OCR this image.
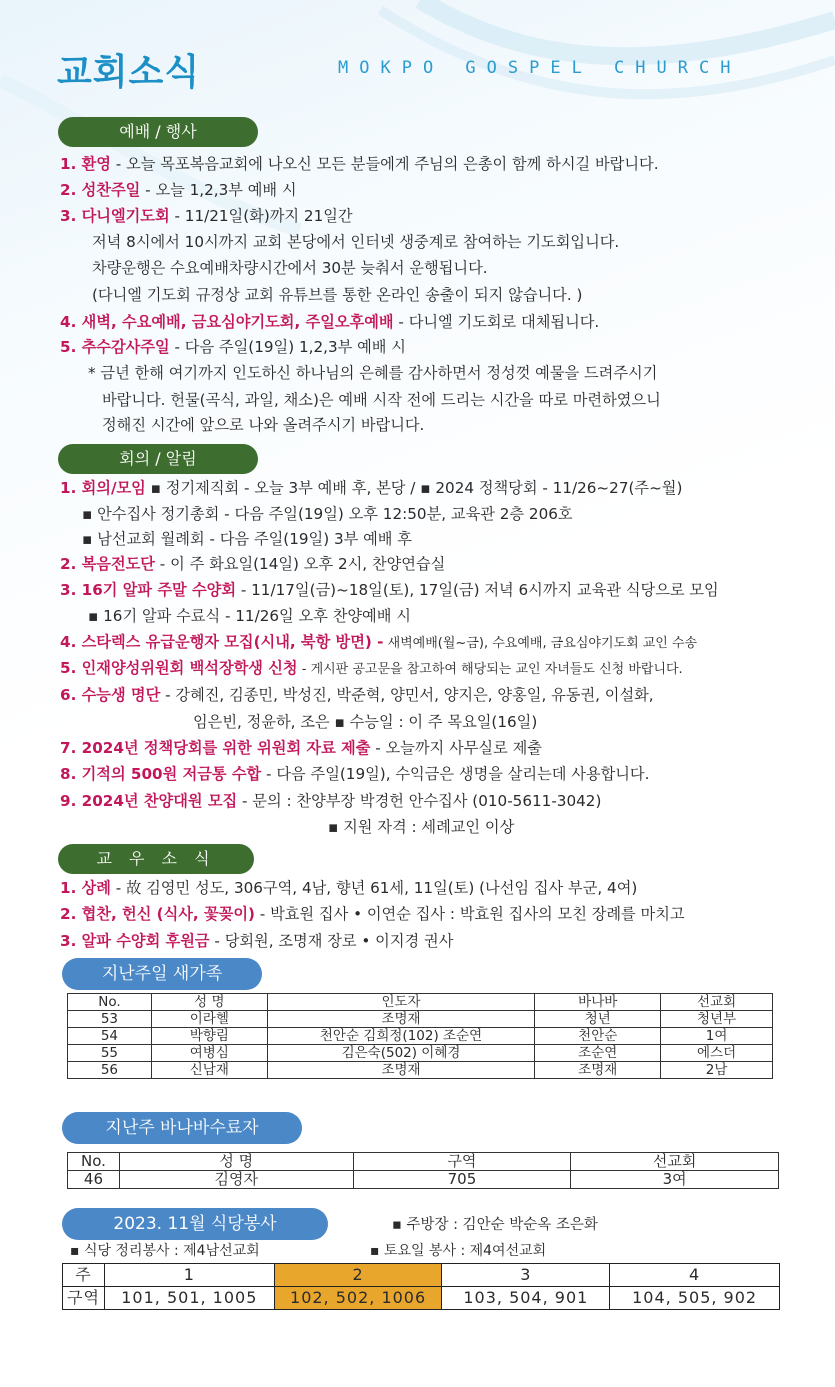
교회소식	MOKPO GOSPEL CHURCH
예배 / 행사
1. 환영 - 오늘 목포복음교회에 나오신 모든 분들에게 주님의 은총이 함께 하시길 바랍니다.
2. 성찬주일 - 오늘 1,2,3부 예배 시
3. 다니엘기도회 - 11/21일(화)까지 21일간
저녁 8시에서 10시까지 교회 본당에서 인터넷 생중계로 참여하는 기도회입니다.
차량운행은 수요예배차량시간에서 30분 늦춰서 운행됩니다.
(다니엘 기도회 규정상 교회 유튜브를 통한 온라인 송출이 되지 않습니다. )
4. 새벽, 수요예배, 금요심야기도회, 주일오후예배 - 다니엘 기도회로 대체됩니다.
5. 추수감사주일 - 다음 주일(19일) 1,2,3부 예배 시
* 금년 한해 여기까지 인도하신 하나님의 은혜를 감사하면서 정성껏 예물을 드려주시기
바랍니다. 헌물(곡식, 과일, 채소)은 예배 시작 전에 드리는 시간을 따로 마련하였으니
정해진 시간에 앞으로 나와 올려주시기 바랍니다.
회의 / 알림
1. 회의/모임 ▪ 정기제직회 - 오늘 3부 예배 후, 본당 / ▪ 2024 정책당회 - 11/26~27(주~월)
▪ 안수집사 정기총회 - 다음 주일(19일) 오후 12:50분, 교육관 2층 206호
▪ 남선교회 월례회 - 다음 주일(19일) 3부 예배 후
2. 복음전도단 - 이 주 화요일(14일) 오후 2시, 찬양연습실
3. 16기 알파 주말 수양회 - 11/17일(금)~18일(토), 17일(금) 저녁 6시까지 교육관 식당으로 모임
▪ 16기 알파 수료식 - 11/26일 오후 찬양예배 시
4. 스타렉스 유급운행자 모집(시내, 북항 방면) - 새벽예배(월~금), 수요예배, 금요심야기도회 교인 수송
5. 인재양성위원회 백석장학생 신청 - 게시판 공고문을 참고하여 해당되는 교인 자녀들도 신청 바랍니다.
6. 수능생 명단 - 강혜진, 김종민, 박성진, 박준혁, 양민서, 양지은, 양홍일, 유동권, 이설화,
임은빈, 정윤하, 조은 ▪ 수능일 : 이 주 목요일(16일)
7. 2024년 정책당회를 위한 위원회 자료 제출 - 오늘까지 사무실로 제출
8. 기적의 500원 저금통 수합 - 다음 주일(19일), 수익금은 생명을 살리는데 사용합니다.
9. 2024년 찬양대원 모집 - 문의 : 찬양부장 박경헌 안수집사 (010-5611-3042)
▪ 지원 자격 : 세례교인 이상
교 우 소 식
1. 상례 - 故 김영민 성도, 306구역, 4남, 향년 61세, 11일(토) (나선임 집사 부군, 4여)
2. 협찬, 헌신 (식사, 꽃꽂이) - 박효원 집사 • 이연순 집사 : 박효원 집사의 모친 장례를 마치고
3. 알파 수양회 후원금 - 당회원, 조명재 장로 • 이지경 권사
지난주일 새가족
No.	성 명	인도자	바나바	선교회
53	이라헬	조명재	청년	청년부
54	박향림	천안순 김희정(102) 조순연	천안순	1여
55	여병심	김은숙(502) 이혜경	조순연	에스더
56	신남재	조명재	조명재	2남
지난주 바나바수료자
No.	성 명	구역	선교회
46	김영자	705	3여
2023. 11월 식당봉사	▪ 주방장 : 김안순 박순옥 조은화
▪ 식당 정리봉사 : 제4남선교회	▪ 토요일 봉사 : 제4여선교회
주	1	2	3	4
구역	101, 501, 1005	102, 502, 1006	103, 504, 901	104, 505, 902
